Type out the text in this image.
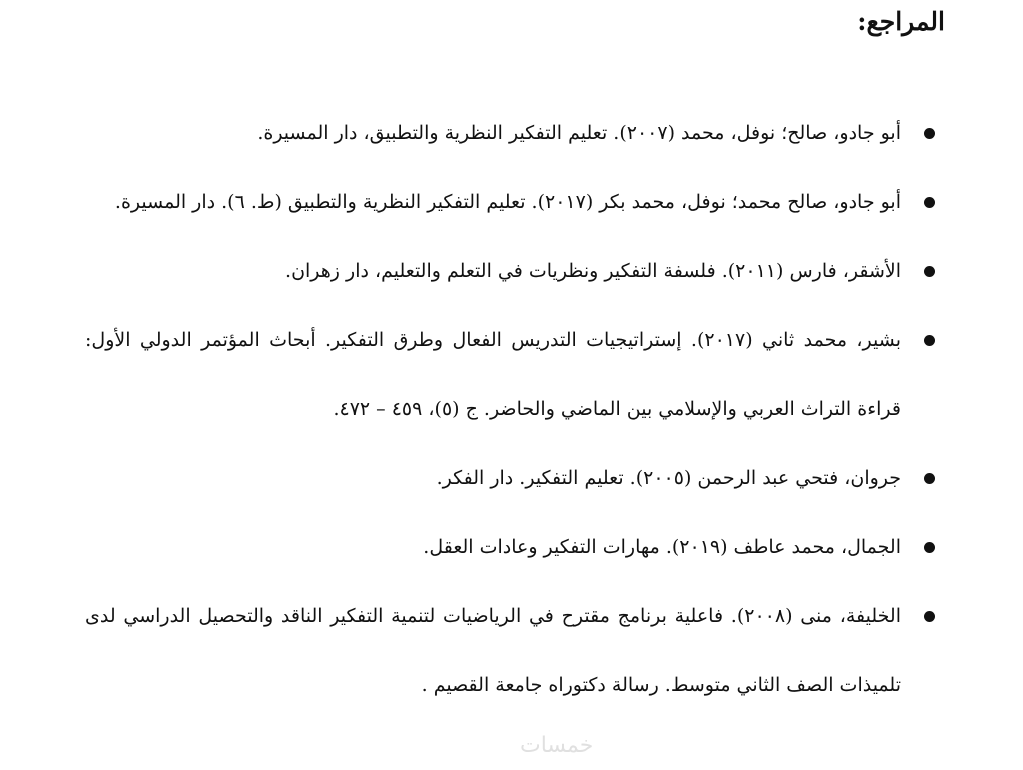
المراجع:
أبو جادو، صالح؛ نوفل، محمد (٢٠٠٧). تعليم التفكير النظرية والتطبيق، دار المسيرة.
أبو جادو، صالح محمد؛ نوفل، محمد بكر (٢٠١٧). تعليم التفكير النظرية والتطبيق (ط. ٦). دار المسيرة.
الأشقر، فارس (٢٠١١). فلسفة التفكير ونظريات في التعلم والتعليم، دار زهران.
بشير، محمد ثاني (٢٠١٧). إستراتيجيات التدريس الفعال وطرق التفكير. أبحاث المؤتمر الدولي الأول: قراءة التراث العربي والإسلامي بين الماضي والحاضر. ج (٥)، ٤٥٩ – ٤٧٢.
جروان، فتحي عبد الرحمن (٢٠٠٥). تعليم التفكير. دار الفكر.
الجمال، محمد عاطف (٢٠١٩). مهارات التفكير وعادات العقل.
الخليفة، منى (٢٠٠٨). فاعلية برنامج مقترح في الرياضيات لتنمية التفكير الناقد والتحصيل الدراسي لدى تلميذات الصف الثاني متوسط. رسالة دكتوراه جامعة القصيم .
خمسات
